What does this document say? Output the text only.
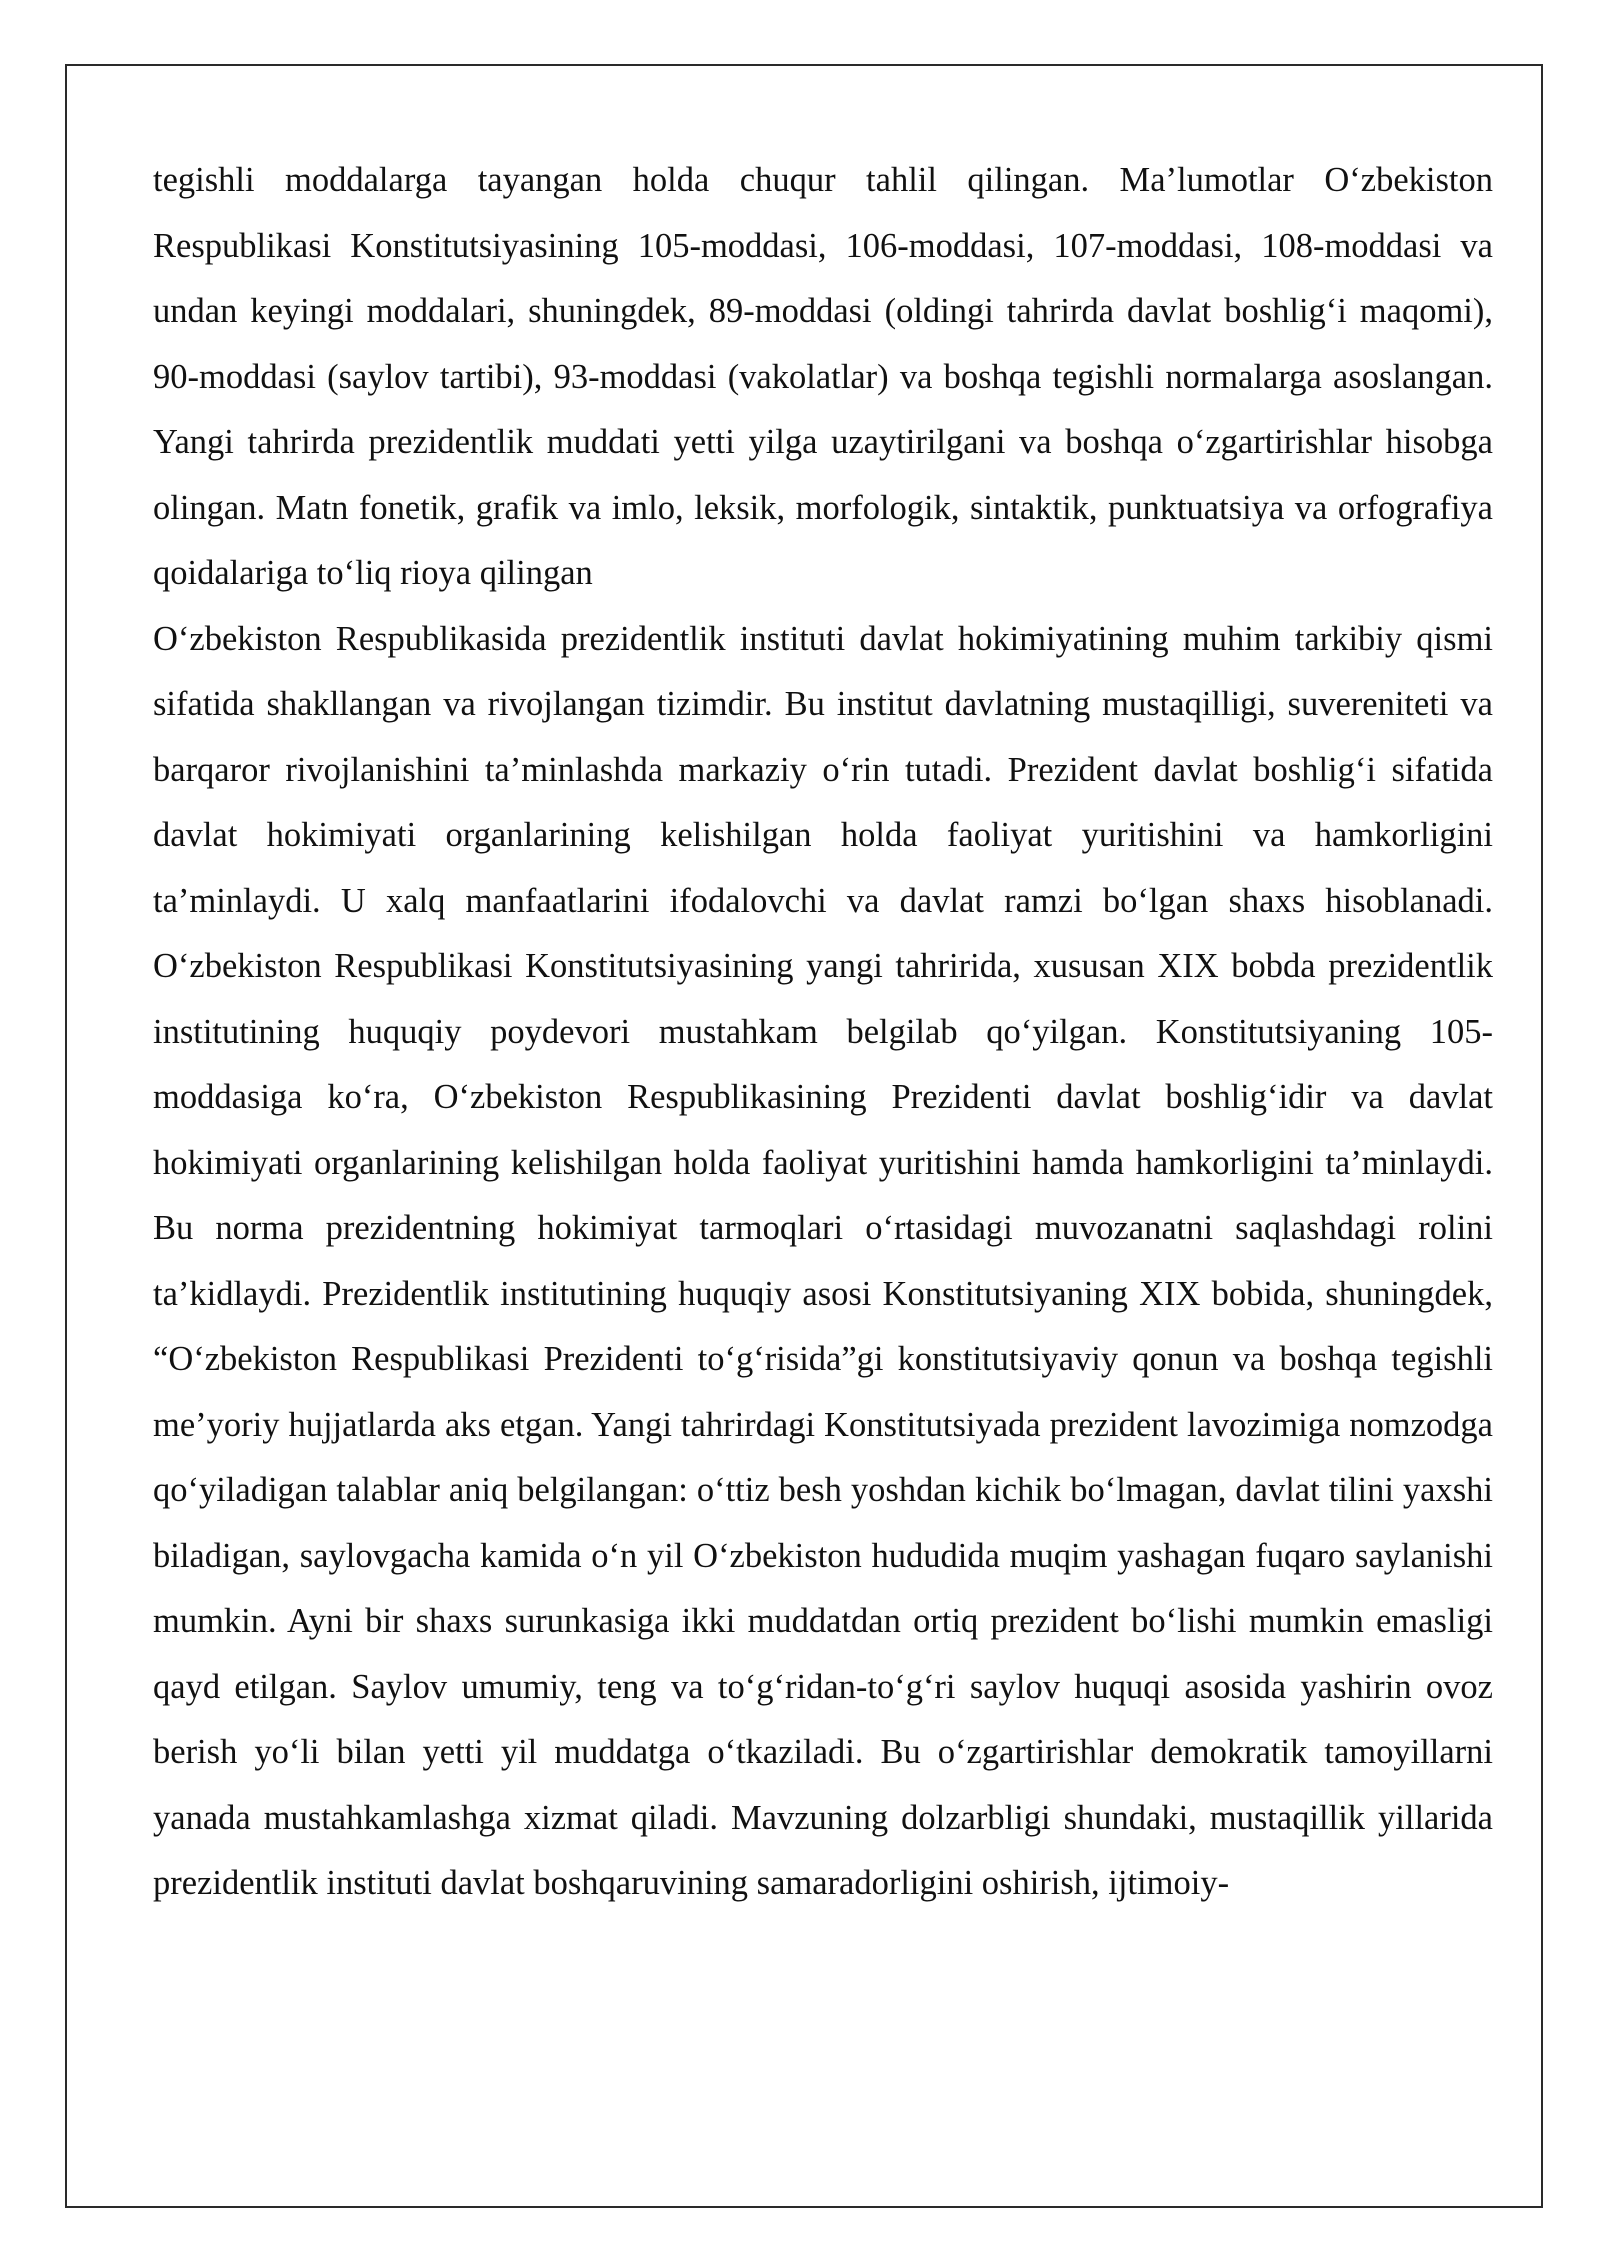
tegishli moddalarga tayangan holda chuqur tahlil qilingan. Ma’lumotlar O‘zbekiston Respublikasi Konstitutsiyasining 105-moddasi, 106-moddasi, 107-moddasi, 108-moddasi va undan keyingi moddalari, shuningdek, 89-moddasi (oldingi tahrirda davlat boshlig‘i maqomi), 90-moddasi (saylov tartibi), 93-moddasi (vakolatlar) va boshqa tegishli normalarga asoslangan. Yangi tahrirda prezidentlik muddati yetti yilga uzaytirilgani va boshqa o‘zgartirishlar hisobga olingan. Matn fonetik, grafik va imlo, leksik, morfologik, sintaktik, punktuatsiya va orfografiya qoidalariga to‘liq rioya qilingan

O‘zbekiston Respublikasida prezidentlik instituti davlat hokimiyatining muhim tarkibiy qismi sifatida shakllangan va rivojlangan tizimdir. Bu institut davlatning mustaqilligi, suvereniteti va barqaror rivojlanishini ta’minlashda markaziy o‘rin tutadi. Prezident davlat boshlig‘i sifatida davlat hokimiyati organlarining kelishilgan holda faoliyat yuritishini va hamkorligini ta’minlaydi. U xalq manfaatlarini ifodalovchi va davlat ramzi bo‘lgan shaxs hisoblanadi. O‘zbekiston Respublikasi Konstitutsiyasining yangi tahririda, xususan XIX bobda prezidentlik institutining huquqiy poydevori mustahkam belgilab qo‘yilgan. Konstitutsiyaning 105-moddasiga ko‘ra, O‘zbekiston Respublikasining Prezidenti davlat boshlig‘idir va davlat hokimiyati organlarining kelishilgan holda faoliyat yuritishini hamda hamkorligini ta’minlaydi. Bu norma prezidentning hokimiyat tarmoqlari o‘rtasidagi muvozanatni saqlashdagi rolini ta’kidlaydi. Prezidentlik institutining huquqiy asosi Konstitutsiyaning XIX bobida, shuningdek, “O‘zbekiston Respublikasi Prezidenti to‘g‘risida”gi konstitutsiyaviy qonun va boshqa tegishli me’yoriy hujjatlarda aks etgan. Yangi tahrirdagi Konstitutsiyada prezident lavozimiga nomzodga qo‘yiladigan talablar aniq belgilangan: o‘ttiz besh yoshdan kichik bo‘lmagan, davlat tilini yaxshi biladigan, saylovgacha kamida o‘n yil O‘zbekiston hududida muqim yashagan fuqaro saylanishi mumkin. Ayni bir shaxs surunkasiga ikki muddatdan ortiq prezident bo‘lishi mumkin emasligi qayd etilgan. Saylov umumiy, teng va to‘g‘ridan-to‘g‘ri saylov huquqi asosida yashirin ovoz berish yo‘li bilan yetti yil muddatga o‘tkaziladi. Bu o‘zgartirishlar demokratik tamoyillarni yanada mustahkamlashga xizmat qiladi. Mavzuning dolzarbligi shundaki, mustaqillik yillarida prezidentlik instituti davlat boshqaruvining samaradorligini oshirish, ijtimoiy-
